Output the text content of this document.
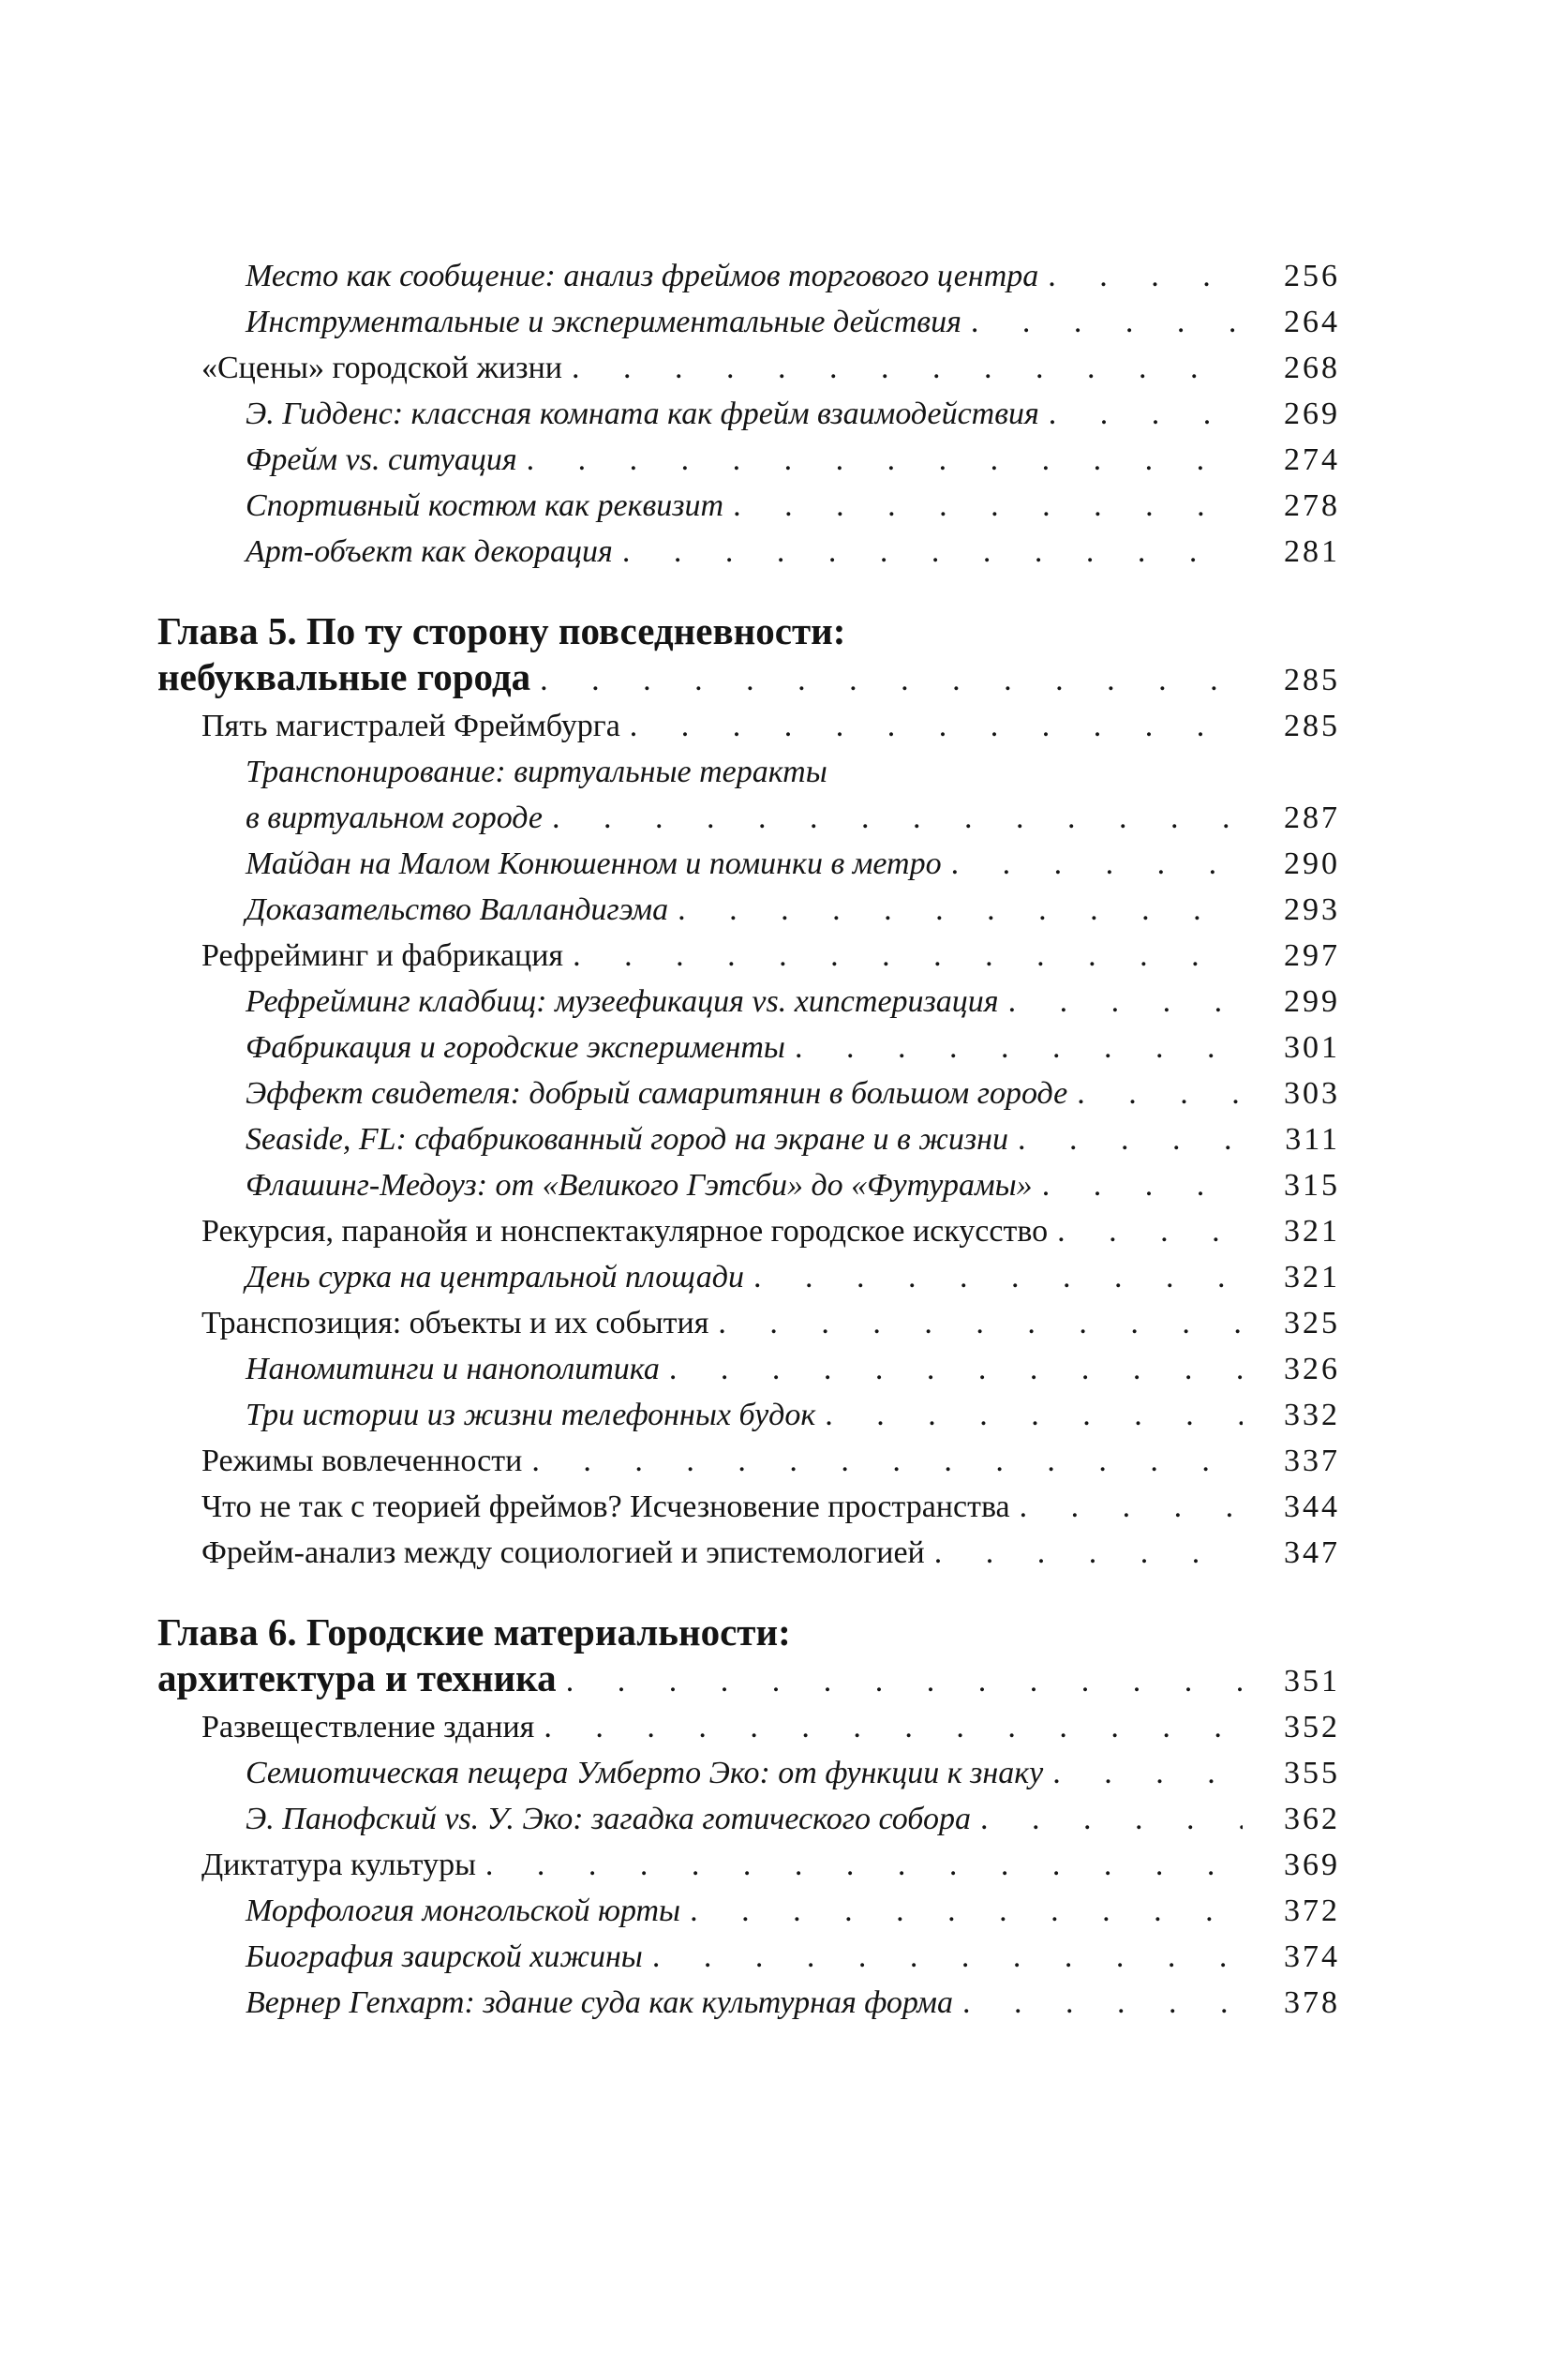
Место как сообщение: анализ фреймов торгового центра . . .	256
Инструментальные и экспериментальные действия . . .	264
«Сцены» городской жизни . . .	268
Э. Гидденс: классная комната как фрейм взаимодействия . . .	269
Фрейм vs. ситуация . . .	274
Спортивный костюм как реквизит . . .	278
Арт-объект как декорация . . .	281
Глава 5. По ту сторону повседневности:
небуквальные города . . .	285
Пять магистралей Фреймбурга . . .	285
Транспонирование: виртуальные теракты
в виртуальном городе . . .	287
Майдан на Малом Конюшенном и поминки в метро . . .	290
Доказательство Валландигэма . . .	293
Рефрейминг и фабрикация . . .	297
Рефрейминг кладбищ: музеефикация vs. хипстеризация . . .	299
Фабрикация и городские эксперименты . . .	301
Эффект свидетеля: добрый самаритянин в большом городе . . .	303
Seaside, FL: сфабрикованный город на экране и в жизни . . .	311
Флашинг-Медоуз: от «Великого Гэтсби» до «Футурамы» . . .	315
Рекурсия, паранойя и нонспектакулярное городское искусство . . .	321
День сурка на центральной площади . . .	321
Транспозиция: объекты и их события . . .	325
Наномитинги и нанополитика . . .	326
Три истории из жизни телефонных будок . . .	332
Режимы вовлеченности . . .	337
Что не так с теорией фреймов? Исчезновение пространства . . .	344
Фрейм-анализ между социологией и эпистемологией . . .	347
Глава 6. Городские материальности:
архитектура и техника . . .	351
Развеществление здания . . .	352
Семиотическая пещера Умберто Эко: от функции к знаку . . .	355
Э. Панофский vs. У. Эко: загадка готического собора . . .	362
Диктатура культуры . . .	369
Морфология монгольской юрты . . .	372
Биография заирской хижины . . .	374
Вернер Гепхарт: здание суда как культурная форма . . .	378
